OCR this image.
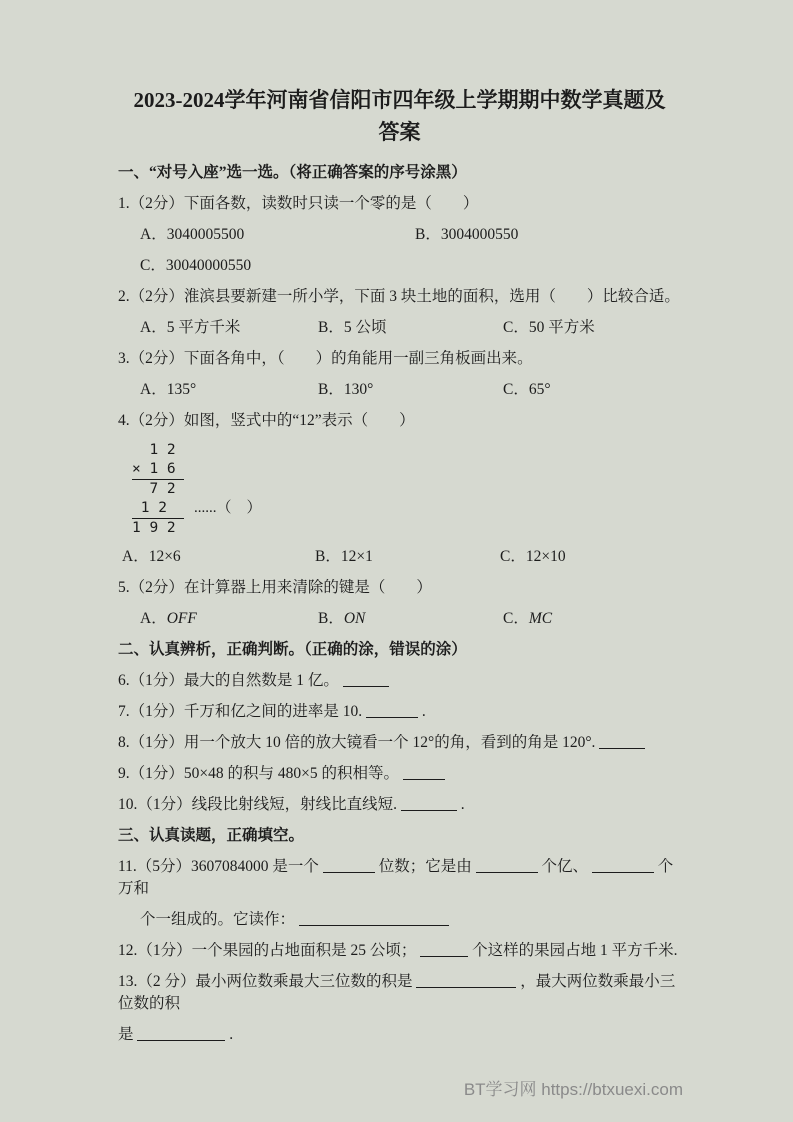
2023-2024学年河南省信阳市四年级上学期期中数学真题及
答案
一、“对号入座”选一选。（将正确答案的序号涂黑）
1.（2分）下面各数，读数时只读一个零的是（　　）
A．3040005500	B．3004000550
C．30040000550
2.（2分）淮滨县要新建一所小学，下面 3 块土地的面积，选用（　　）比较合适。
A．5 平方千米	B．5 公顷	C．50 平方米
3.（2分）下面各角中，（　　）的角能用一副三角板画出来。
A．135°	B．130°	C．65°
4.（2分）如图，竖式中的“12”表示（　　）
1 2
× 1 6
7 2
1 2 ......（　）
1 9 2
A．12×6	B．12×1	C．12×10
5.（2分）在计算器上用来清除的键是（　　）
A．OFF	B．ON	C．MC
二、认真辨析，正确判断。（正确的涂，错误的涂）
6.（1分）最大的自然数是 1 亿。
7.（1分）千万和亿之间的进率是 10.	.
8.（1分）用一个放大 10 倍的放大镜看一个 12°的角，看到的角是 120°.
9.（1分）50×48 的积与 480×5 的积相等。
10.（1分）线段比射线短，射线比直线短.	.
三、认真读题，正确填空。
11.（5分）3607084000 是一个	位数；它是由	个亿、	个万和
个一组成的。它读作：
12.（1分）一个果园的占地面积是 25 公顷；	个这样的果园占地 1 平方千米.
13.（2 分）最小两位数乘最大三位数的积是	，最大两位数乘最小三位数的积
是	.
BT学习网 https://btxuexi.com
